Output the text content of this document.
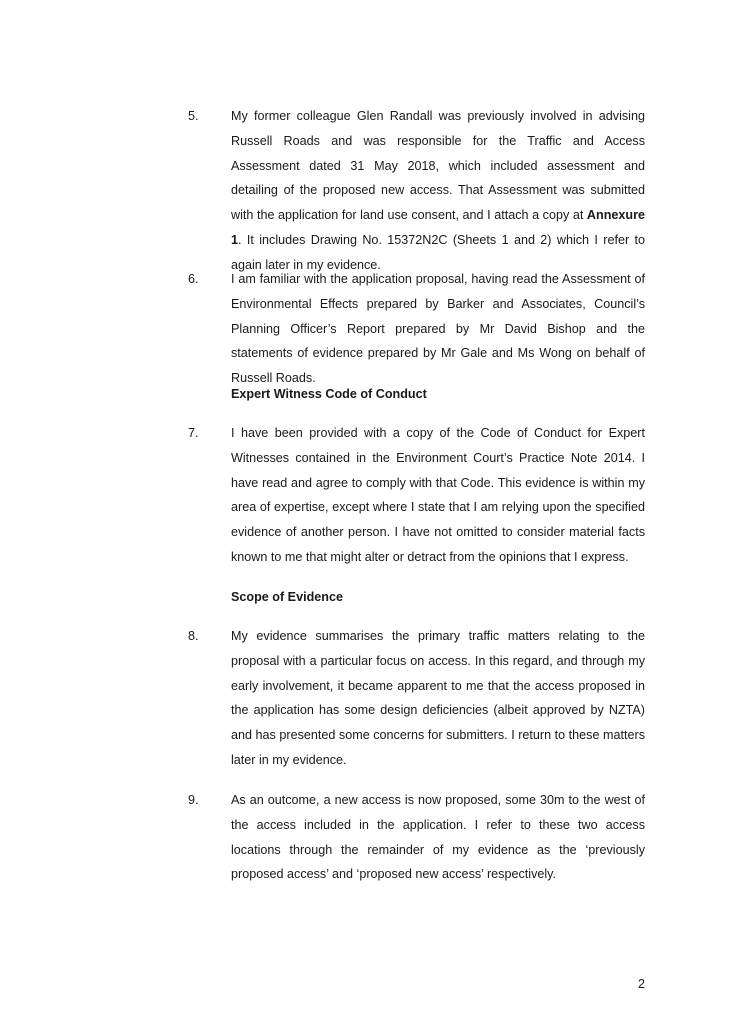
5.	My former colleague Glen Randall was previously involved in advising Russell Roads and was responsible for the Traffic and Access Assessment dated 31 May 2018, which included assessment and detailing of the proposed new access. That Assessment was submitted with the application for land use consent, and I attach a copy at Annexure 1. It includes Drawing No. 15372N2C (Sheets 1 and 2) which I refer to again later in my evidence.
6.	I am familiar with the application proposal, having read the Assessment of Environmental Effects prepared by Barker and Associates, Council’s Planning Officer’s Report prepared by Mr David Bishop and the statements of evidence prepared by Mr Gale and Ms Wong on behalf of Russell Roads.
Expert Witness Code of Conduct
7.	I have been provided with a copy of the Code of Conduct for Expert Witnesses contained in the Environment Court’s Practice Note 2014. I have read and agree to comply with that Code. This evidence is within my area of expertise, except where I state that I am relying upon the specified evidence of another person. I have not omitted to consider material facts known to me that might alter or detract from the opinions that I express.
Scope of Evidence
8.	My evidence summarises the primary traffic matters relating to the proposal with a particular focus on access. In this regard, and through my early involvement, it became apparent to me that the access proposed in the application has some design deficiencies (albeit approved by NZTA) and has presented some concerns for submitters. I return to these matters later in my evidence.
9.	As an outcome, a new access is now proposed, some 30m to the west of the access included in the application. I refer to these two access locations through the remainder of my evidence as the ‘previously proposed access’ and ‘proposed new access’ respectively.
2
